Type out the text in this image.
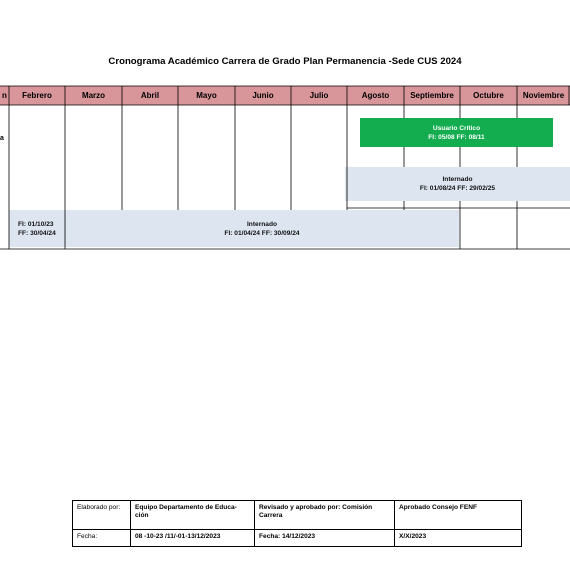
Cronograma Académico Carrera de Grado Plan Permanencia -Sede CUS 2024
n	Febrero	Marzo	Abril	Mayo	Junio	Julio	Agosto	Septiembre	Octubre	Noviembre
a
Usuario Crítico
FI: 05/08 FF: 08/11
Internado
FI: 01/08/24 FF: 29/02/25
FI: 01/10/23
FF: 30/04/24
Internado
FI: 01/04/24 FF: 30/09/24
Elaborado por:	Equipo Departamento de Educa-ción	Revisado y aprobado por: Comisión Carrera	Aprobado Consejo FENF
Fecha:	08 -10-23 /11/-01-13/12/2023	Fecha: 14/12/2023	X/X/2023
